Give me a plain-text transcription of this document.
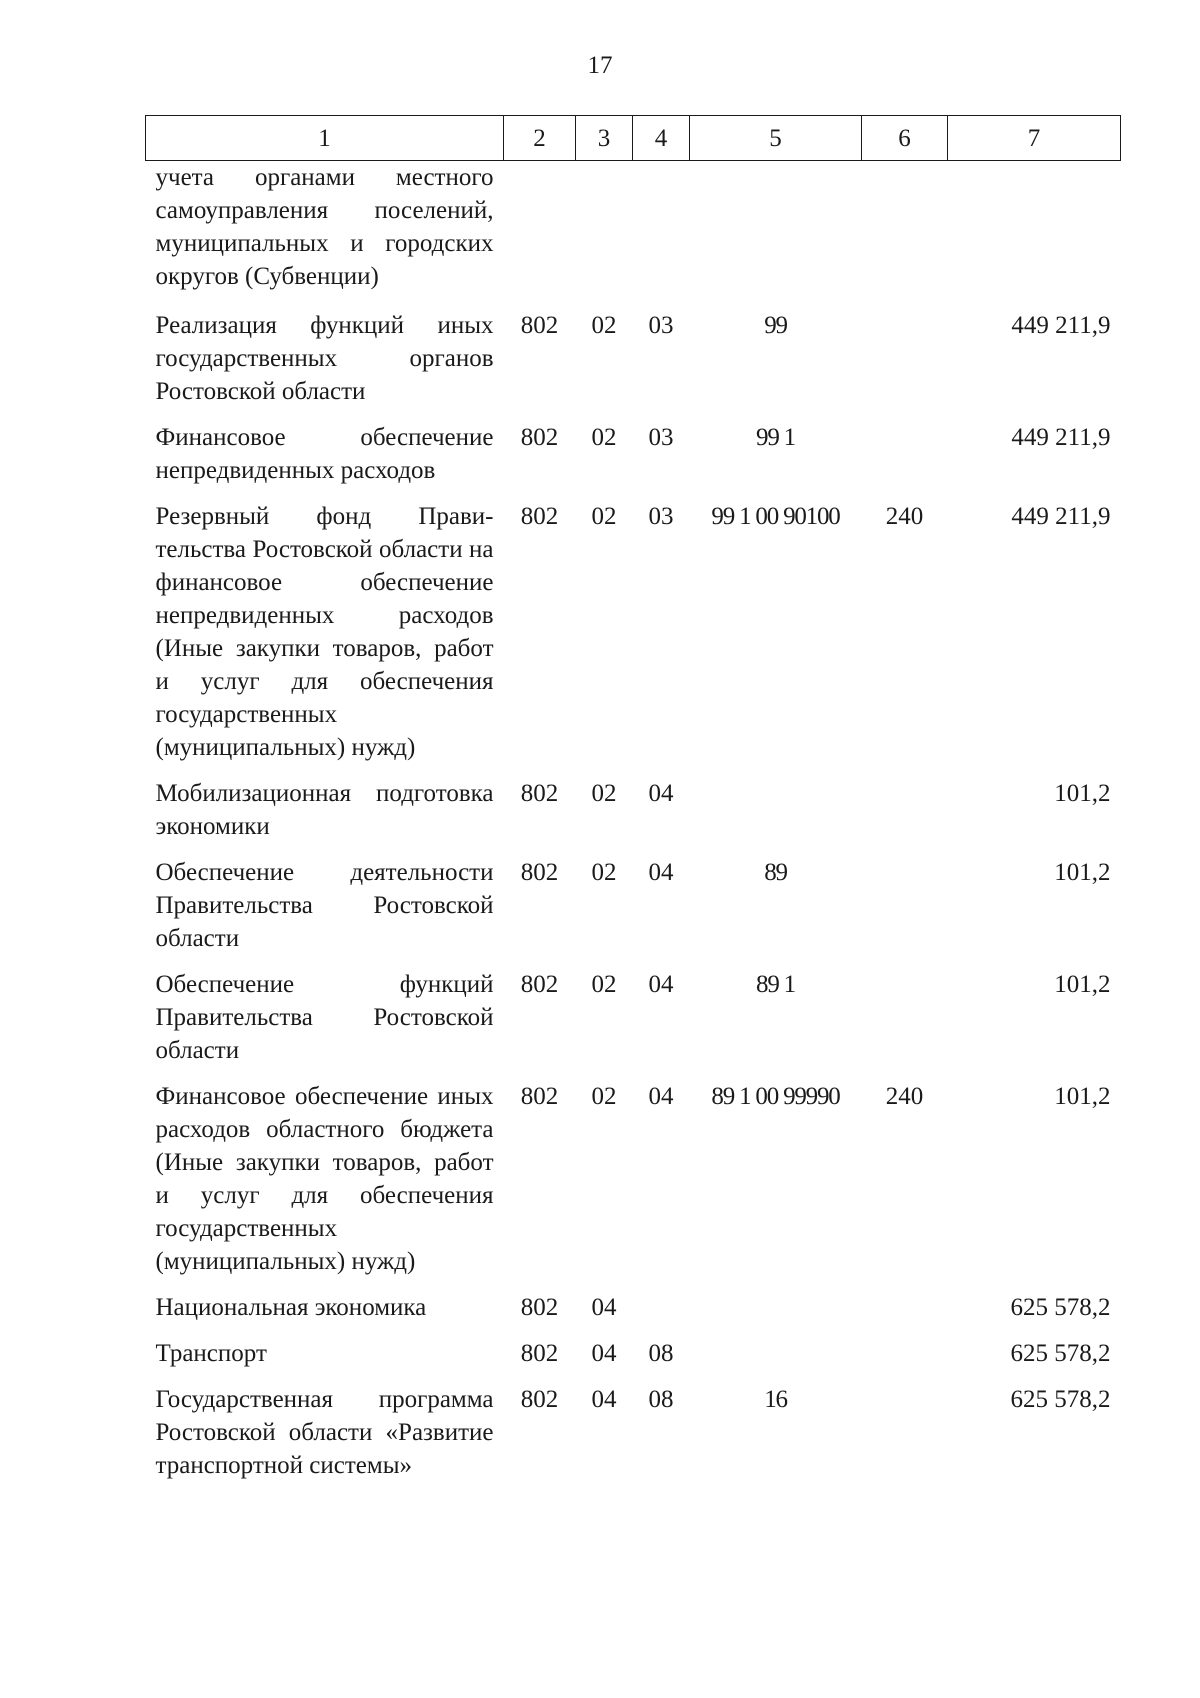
17
1	2	3	4	5	6	7
учета органами местного самоуправления поселений, муниципальных и городских округов (Субвенции)						
Реализация функций иных государственных органов Ростовской области	802	02	03	99		449 211,9
Финансовое обеспечение непредвиденных расходов	802	02	03	99 1		449 211,9
Резервный фонд Правительства Ростовской области на финансовое обеспечение непредвиденных расходов (Иные закупки товаров, работ и услуг для обеспечения государственных (муниципальных) нужд)	802	02	03	99 1 00 90100	240	449 211,9
Мобилизационная подготовка экономики	802	02	04			101,2
Обеспечение деятельности Правительства Ростовской области	802	02	04	89		101,2
Обеспечение функций Правительства Ростовской области	802	02	04	89 1		101,2
Финансовое обеспечение иных расходов областного бюджета (Иные закупки товаров, работ и услуг для обеспечения государственных (муниципальных) нужд)	802	02	04	89 1 00 99990	240	101,2
Национальная экономика	802	04				625 578,2
Транспорт	802	04	08			625 578,2
Государственная программа Ростовской области «Развитие транспортной системы»	802	04	08	16		625 578,2
